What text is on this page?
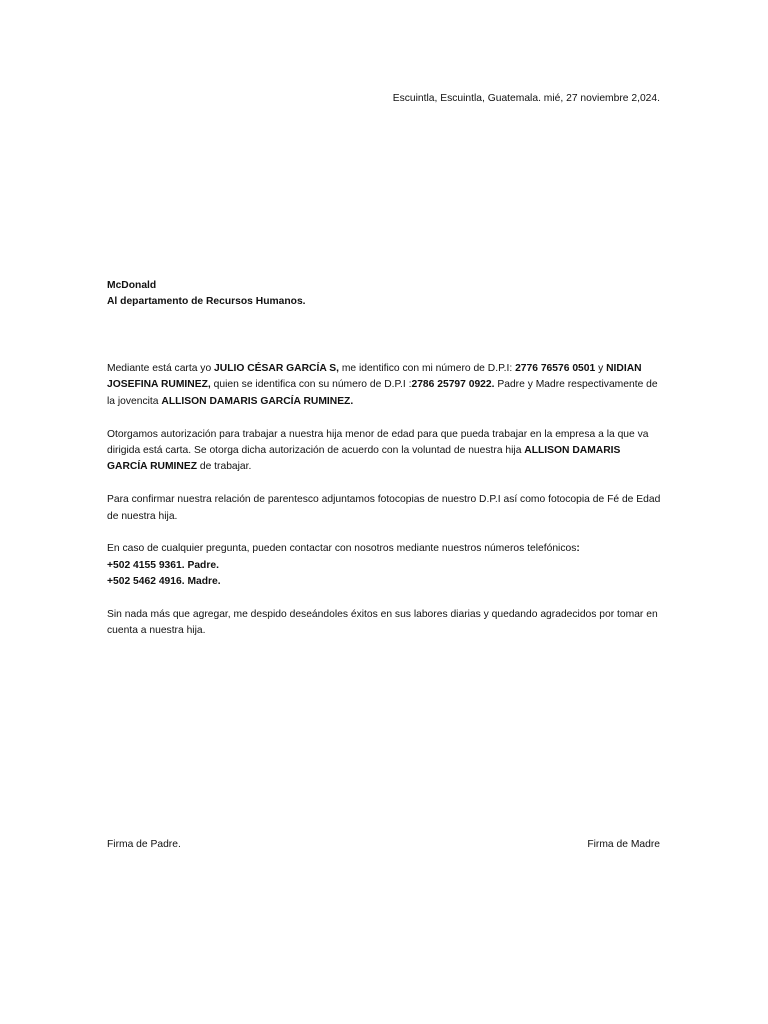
Escuintla, Escuintla, Guatemala. mié, 27 noviembre 2,024.
McDonald
Al departamento de Recursos Humanos.

Mediante está carta yo JULIO CÉSAR GARCÍA S, me identifico con mi número de D.P.I: 2776 76576 0501 y NIDIAN JOSEFINA RUMINEZ, quien se identifica con su número de D.P.I :2786 25797 0922. Padre y Madre respectivamente de la jovencita ALLISON DAMARIS GARCÍA RUMINEZ.

Otorgamos autorización para trabajar a nuestra hija menor de edad para que pueda trabajar en la empresa a la que va dirigida está carta. Se otorga dicha autorización de acuerdo con la voluntad de nuestra hija ALLISON DAMARIS GARCÍA RUMINEZ de trabajar.

Para confirmar nuestra relación de parentesco adjuntamos fotocopias de nuestro D.P.I así como fotocopia de Fé de Edad de nuestra hija.

En caso de cualquier pregunta, pueden contactar con nosotros mediante nuestros números telefónicos:
+502 4155 9361. Padre.
+502 5462 4916. Madre.

Sin nada más que agregar, me despido deseándoles éxitos en sus labores diarias y quedando agradecidos por tomar en cuenta a nuestra hija.

Firma de Padre.	Firma de Madre
